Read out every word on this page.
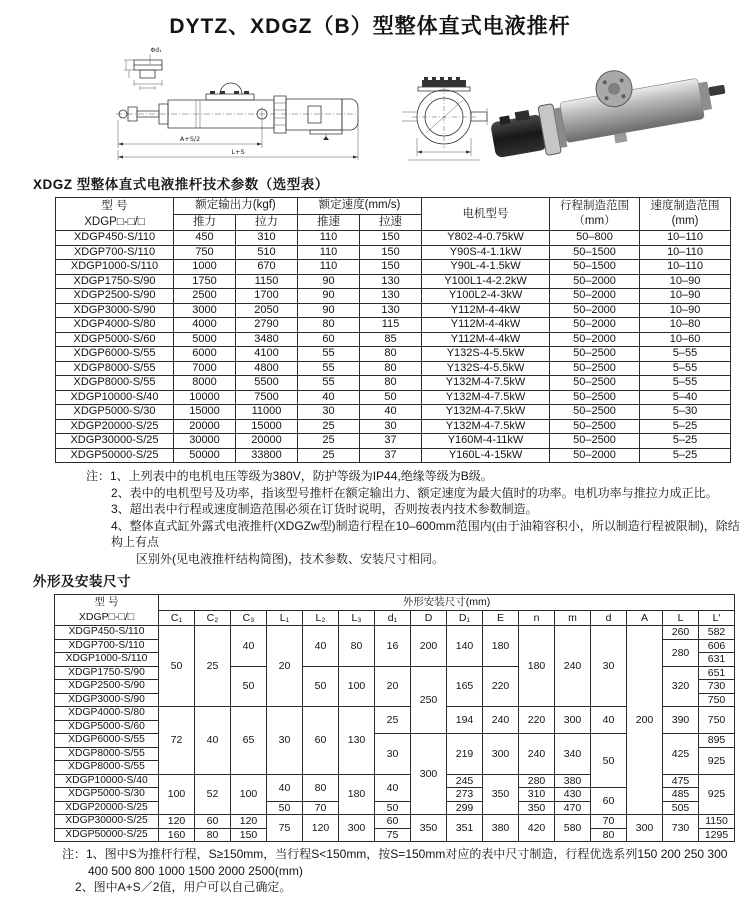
DYTZ、XDGZ（B）型整体直式电液推杆
Φd₁
A+S/2
L+S
XDGZ 型整体直式电液推杆技术参数（选型表）
型 号
XDGP□-□/□
	额定输出力(kgf)	额定速度(mm/s)	电机型号	
行程制造范围
（mm）

速度制造范围
(mm)

	推力	拉力	推速	拉速			
XDGP450-S/110	450	310	110	150	Y802-4-0.75kW	50–800	10–110
XDGP700-S/110	750	510	110	150	Y90S-4-1.1kW	50–1500	10–110
XDGP1000-S/110	1000	670	110	150	Y90L-4-1.5kW	50–1500	10–110
XDGP1750-S/90	1750	1150	90	130	Y100L1-4-2.2kW	50–2000	10–90
XDGP2500-S/90	2500	1700	90	130	Y100L2-4-3kW	50–2000	10–90
XDGP3000-S/90	3000	2050	90	130	Y112M-4-4kW	50–2000	10–90
XDGP4000-S/80	4000	2790	80	115	Y112M-4-4kW	50–2000	10–80
XDGP5000-S/60	5000	3480	60	85	Y112M-4-4kW	50–2000	10–60
XDGP6000-S/55	6000	4100	55	80	Y132S-4-5.5kW	50–2500	5–55
XDGP8000-S/55	7000	4800	55	80	Y132S-4-5.5kW	50–2500	5–55
XDGP8000-S/55	8000	5500	55	80	Y132M-4-7.5kW	50–2500	5–55
XDGP10000-S/40	10000	7500	40	50	Y132M-4-7.5kW	50–2500	5–40
XDGP5000-S/30	15000	11000	30	40	Y132M-4-7.5kW	50–2500	5–30
XDGP20000-S/25	20000	15000	25	30	Y132M-4-7.5kW	50–2500	5–25
XDGP30000-S/25	30000	20000	25	37	Y160M-4-11kW	50–2500	5–25
XDGP50000-S/25	50000	33800	25	37	Y160L-4-15kW	50–2000	5–25
注：1、上列表中的电机电压等级为380V，防护等级为IP44,绝缘等级为B级。
2、表中的电机型号及功率，指该型号推杆在额定输出力、额定速度为最大值时的功率。电机功率与推拉力成正比。
3、超出表中行程或速度制造范围必须在订货时说明，否则按表内技术参数制造。
4、整体直式缸外露式电液推杆(XDGZw型)制造行程在10–600mm范围内(由于油箱容积小，所以制造行程被限制)，除结构上有点
区别外(见电液推杆结构简图)，技术参数、安装尺寸相同。
外形及安装尺寸
型 号
XDGP□-□/□	外形安装尺寸(mm)															
	C₁	C₂	C₃	L₁	L₂	L₃	d₁	D	D₁	E	n	m	d	A	L	L′
XDGP450-S/110	50	25	40	20	40	80	16	200	140	180	180	240	30	200	260	582
XDGP700-S/110															280	606
XDGP1000-S/110																631
XDGP1750-S/90			50		50	100	20	250	165	220					320	651
XDGP2500-S/90																730
XDGP3000-S/90																750
XDGP4000-S/80	72	40	65	30	60	130	25		194	240	220	300	40		390	750
XDGP5000-S/60																
XDGP6000-S/55							30	300	219	300	240	340	50		425	895
XDGP8000-S/55																925
XDGP8000-S/55																
XDGP10000-S/40	100	52	100	40	80	180	40		245	350	280	380			475	925
XDGP5000-S/30									273		310	430	60		485	
XDGP20000-S/25				50	70		50		299		350	470			505	
XDGP30000-S/25	120	60	120	75	120	300	60	350	351	380	420	580	70	300	730	1150
XDGP50000-S/25	160	80	150				75						80			1295
注：1、图中S为推杆行程，S≥150mm，当行程S<150mm，按S=150mm对应的表中尺寸制造，行程优选系列150 200 250 300
400 500 800 1000 1500 2000 2500(mm)
2、图中A+S／2值，用户可以自己确定。
